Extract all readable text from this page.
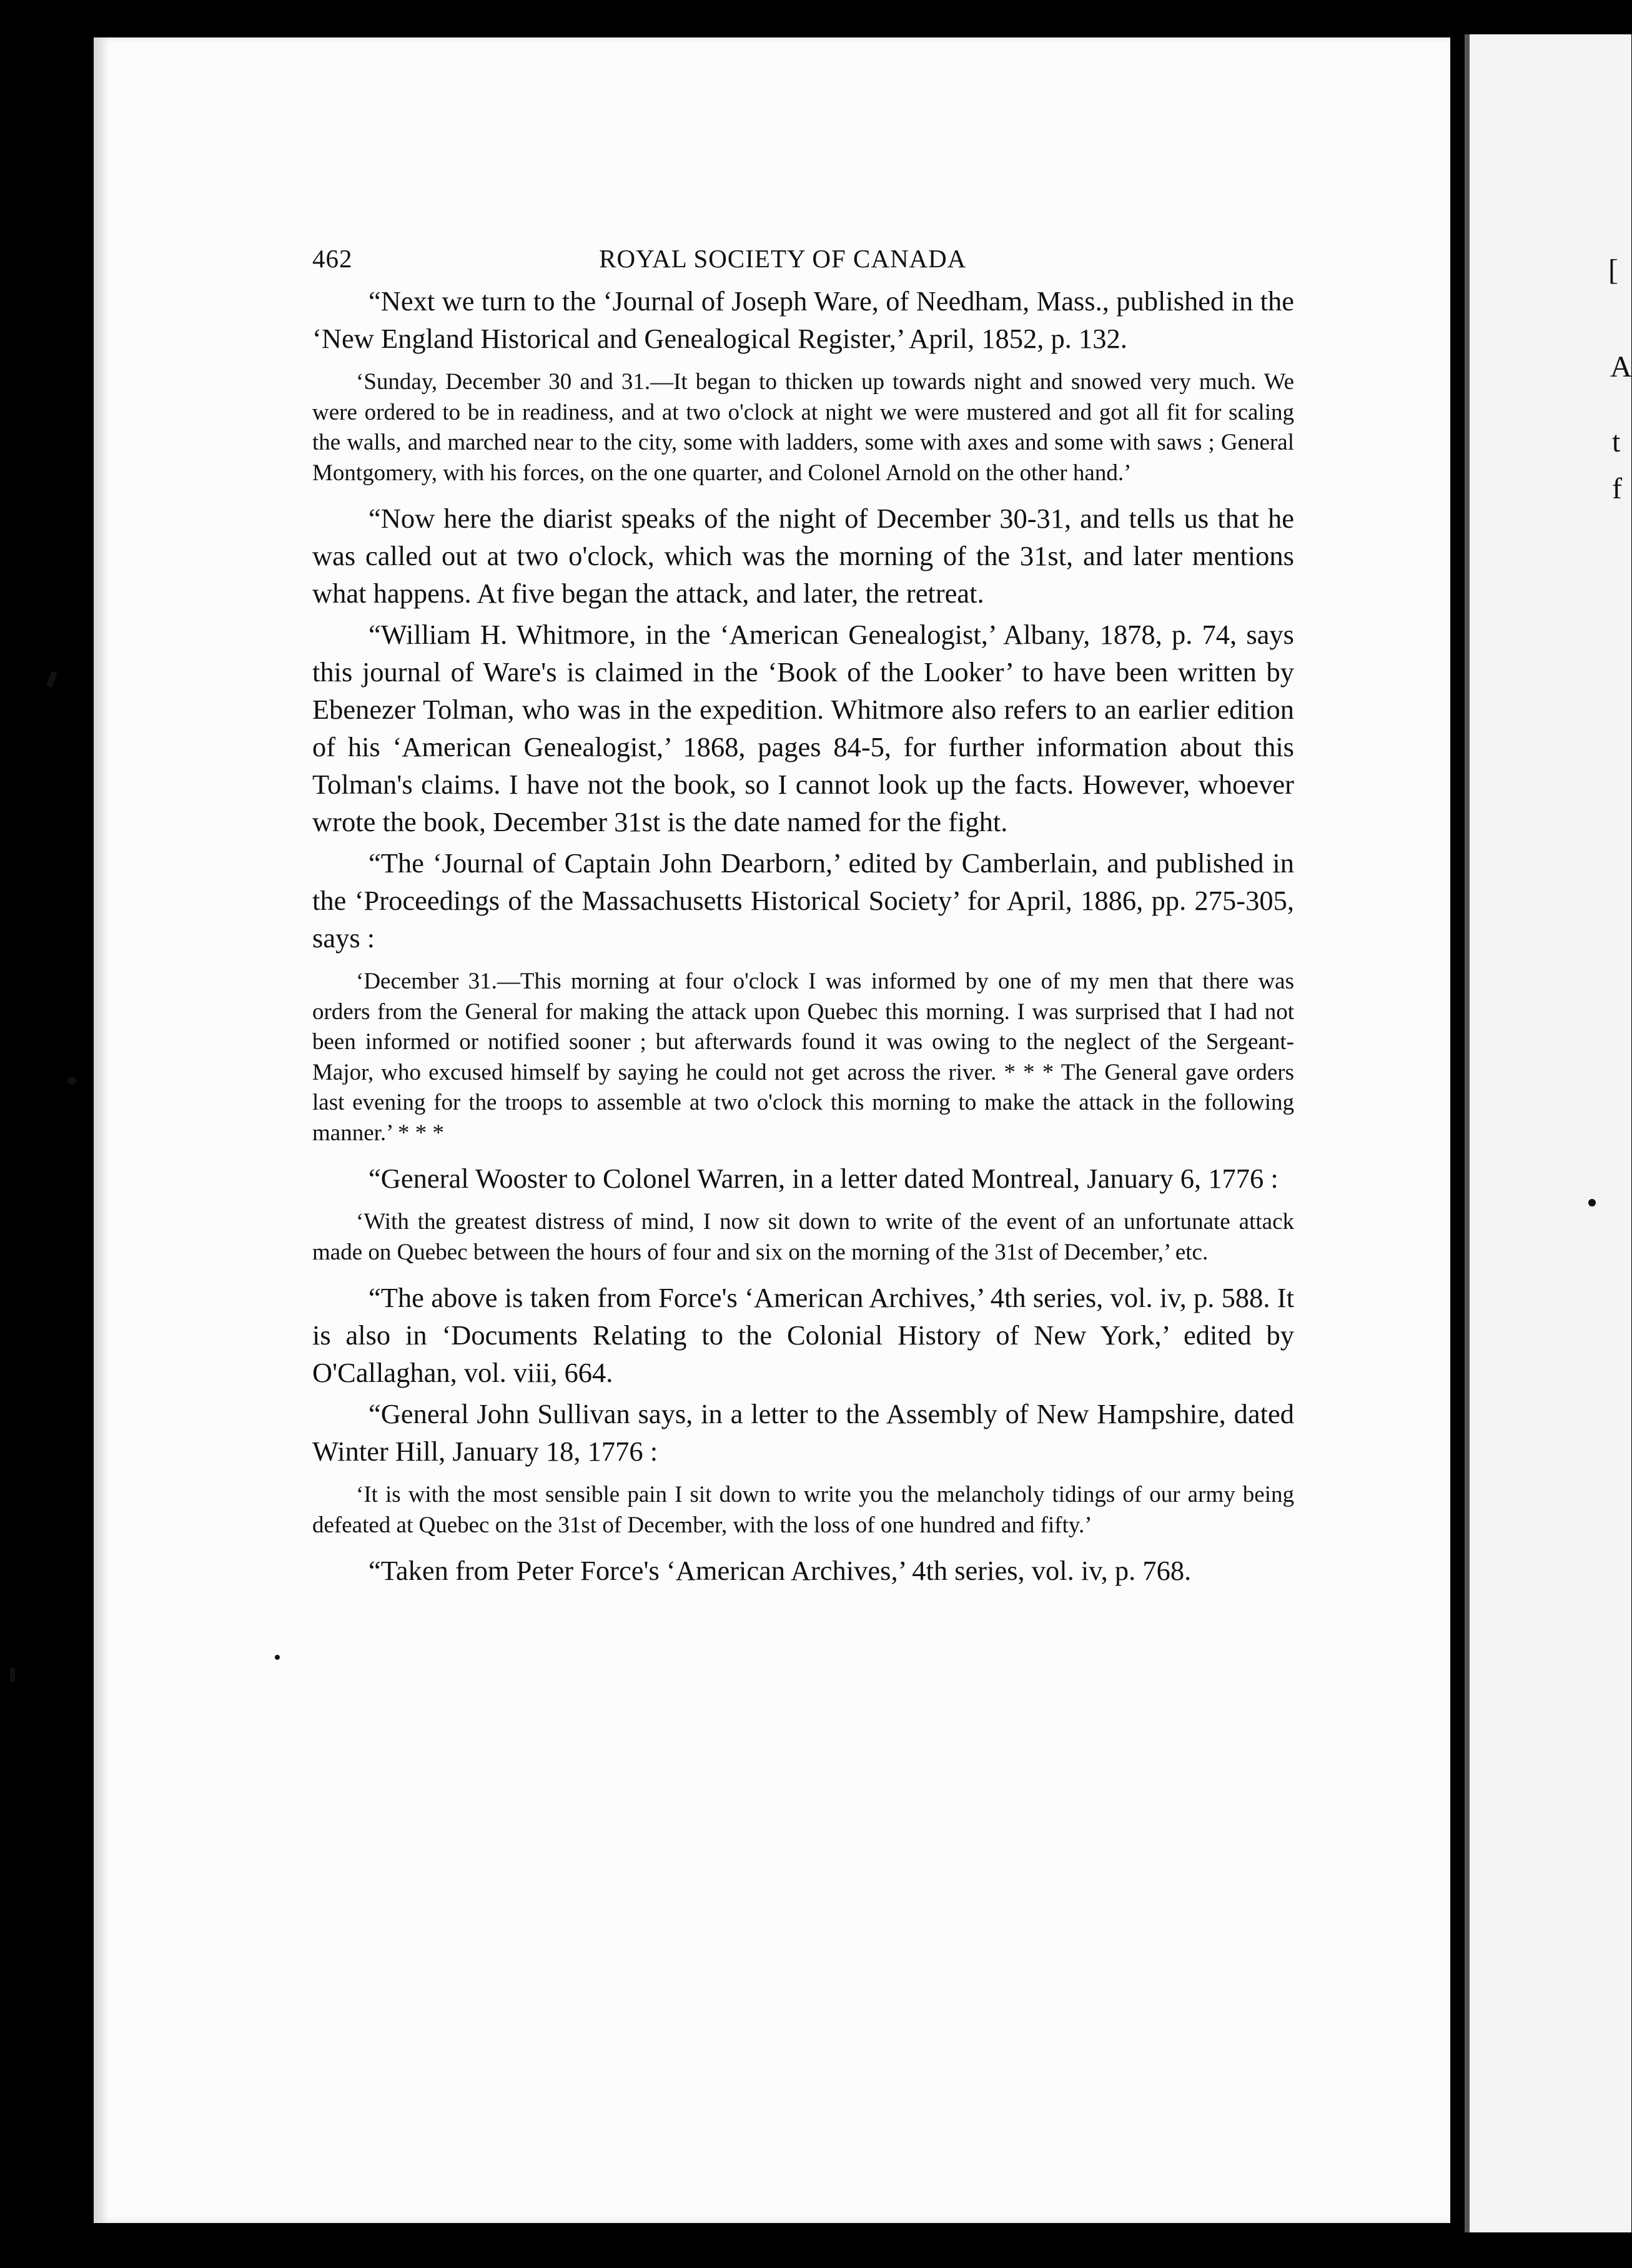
[
A
t
f
462	ROYAL SOCIETY OF CANADA

“Next we turn to the ‘Journal of Joseph Ware, of Needham, Mass., published in the ‘New England Historical and Genealogical Register,’ April, 1852, p. 132.

‘Sunday, December 30 and 31.—It began to thicken up towards night and snowed very much. We were ordered to be in readiness, and at two o'clock at night we were mustered and got all fit for scaling the walls, and marched near to the city, some with ladders, some with axes and some with saws ; General Montgomery, with his forces, on the one quarter, and Colonel Arnold on the other hand.’

“Now here the diarist speaks of the night of December 30-31, and tells us that he was called out at two o'clock, which was the morning of the 31st, and later mentions what happens. At five began the attack, and later, the retreat.

“William H. Whitmore, in the ‘American Genealogist,’ Albany, 1878, p. 74, says this journal of Ware's is claimed in the ‘Book of the Looker’ to have been written by Ebenezer Tolman, who was in the expedition. Whitmore also refers to an earlier edition of his ‘American Genealogist,’ 1868, pages 84-5, for further information about this Tolman's claims. I have not the book, so I cannot look up the facts. However, whoever wrote the book, December 31st is the date named for the fight.

“The ‘Journal of Captain John Dearborn,’ edited by Camberlain, and published in the ‘Proceedings of the Massachusetts Historical Society’ for April, 1886, pp. 275-305, says :

‘December 31.—This morning at four o'clock I was informed by one of my men that there was orders from the General for making the attack upon Quebec this morning. I was surprised that I had not been informed or notified sooner ; but afterwards found it was owing to the neglect of the Sergeant-Major, who excused himself by saying he could not get across the river. * * * The General gave orders last evening for the troops to assemble at two o'clock this morning to make the attack in the following manner.’ * * *

“General Wooster to Colonel Warren, in a letter dated Montreal, January 6, 1776 :

‘With the greatest distress of mind, I now sit down to write of the event of an unfortunate attack made on Quebec between the hours of four and six on the morning of the 31st of December,’ etc.

“The above is taken from Force's ‘American Archives,’ 4th series, vol. iv, p. 588. It is also in ‘Documents Relating to the Colonial History of New York,’ edited by O'Callaghan, vol. viii, 664.

“General John Sullivan says, in a letter to the Assembly of New Hampshire, dated Winter Hill, January 18, 1776 :

‘It is with the most sensible pain I sit down to write you the melancholy tidings of our army being defeated at Quebec on the 31st of December, with the loss of one hundred and fifty.’

“Taken from Peter Force's ‘American Archives,’ 4th series, vol. iv, p. 768.
